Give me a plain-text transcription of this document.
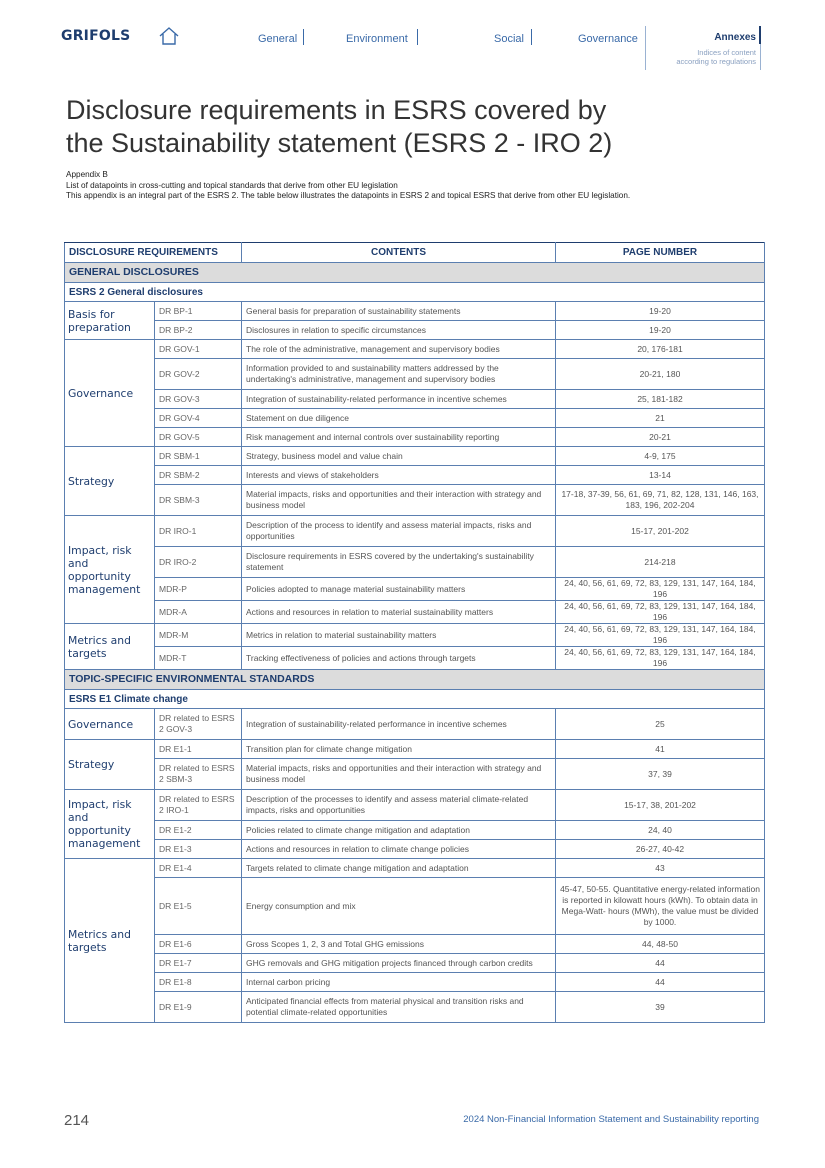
GRIFOLS	General	Environment	Social	Governance	Annexes
Indices of content
according to regulations
Disclosure requirements in ESRS covered by
the Sustainability statement (ESRS 2 - IRO 2)
Appendix B
List of datapoints in cross-cutting and topical standards that derive from other EU legislation
This appendix is an integral part of the ESRS 2. The table below illustrates the datapoints in ESRS 2 and topical ESRS that derive from other EU legislation.
DISCLOSURE REQUIREMENTS		CONTENTS	PAGE NUMBER
GENERAL DISCLOSURES			
ESRS 2 General disclosures			
Basis for preparation	DR BP-1	General basis for preparation of sustainability statements	19-20
	DR BP-2	Disclosures in relation to specific circumstances	19-20
Governance	DR GOV-1	The role of the administrative, management and supervisory bodies	20, 176-181
	DR GOV-2	Information provided to and sustainability matters addressed by the undertaking's administrative, management and supervisory bodies	20-21, 180
	DR GOV-3	Integration of sustainability-related performance in incentive schemes	25, 181-182
	DR GOV-4	Statement on due diligence	21
	DR GOV-5	Risk management and internal controls over sustainability reporting	20-21
Strategy	DR SBM-1	Strategy, business model and value chain	4-9, 175
	DR SBM-2	Interests and views of stakeholders	13-14
	DR SBM-3	Material impacts, risks and opportunities and their interaction with strategy and business model	17-18, 37-39, 56, 61, 69, 71, 82, 128, 131, 146, 163, 183, 196, 202-204
Impact, risk and opportunity management	DR IRO-1	Description of the process to identify and assess material impacts, risks and opportunities	15-17, 201-202
	DR IRO-2	Disclosure requirements in ESRS covered by the undertaking's sustainability statement	214-218
	MDR-P	Policies adopted to manage material sustainability matters	24, 40, 56, 61, 69, 72, 83, 129, 131, 147, 164, 184, 196
	MDR-A	Actions and resources in relation to material sustainability matters	24, 40, 56, 61, 69, 72, 83, 129, 131, 147, 164, 184, 196
Metrics and targets	MDR-M	Metrics in relation to material sustainability matters	24, 40, 56, 61, 69, 72, 83, 129, 131, 147, 164, 184, 196
	MDR-T	Tracking effectiveness of policies and actions through targets	24, 40, 56, 61, 69, 72, 83, 129, 131, 147, 164, 184, 196
TOPIC-SPECIFIC ENVIRONMENTAL STANDARDS			
ESRS E1 Climate change			
Governance	DR related to ESRS 2 GOV-3	Integration of sustainability-related performance in incentive schemes	25
Strategy	DR E1-1	Transition plan for climate change mitigation	41
	DR related to ESRS 2 SBM-3	Material impacts, risks and opportunities and their interaction with strategy and business model	37, 39
Impact, risk and opportunity management	DR related to ESRS 2 IRO-1	Description of the processes to identify and assess material climate-related impacts, risks and opportunities	15-17, 38, 201-202
	DR E1-2	Policies related to climate change mitigation and adaptation	24, 40
	DR E1-3	Actions and resources in relation to climate change policies	26-27, 40-42
Metrics and targets	DR E1-4	Targets related to climate change mitigation and adaptation	43
	DR E1-5	Energy consumption and mix	45-47, 50-55. Quantitative energy-related information is reported in kilowatt hours (kWh). To obtain data in Mega-Watt- hours (MWh), the value must be divided by 1000.
	DR E1-6	Gross Scopes 1, 2, 3 and Total GHG emissions	44, 48-50
	DR E1-7	GHG removals and GHG mitigation projects financed through carbon credits	44
	DR E1-8	Internal carbon pricing	44
	DR E1-9	Anticipated financial effects from material physical and transition risks and potential climate-related opportunities	39
214	2024 Non-Financial Information Statement and Sustainability reporting
